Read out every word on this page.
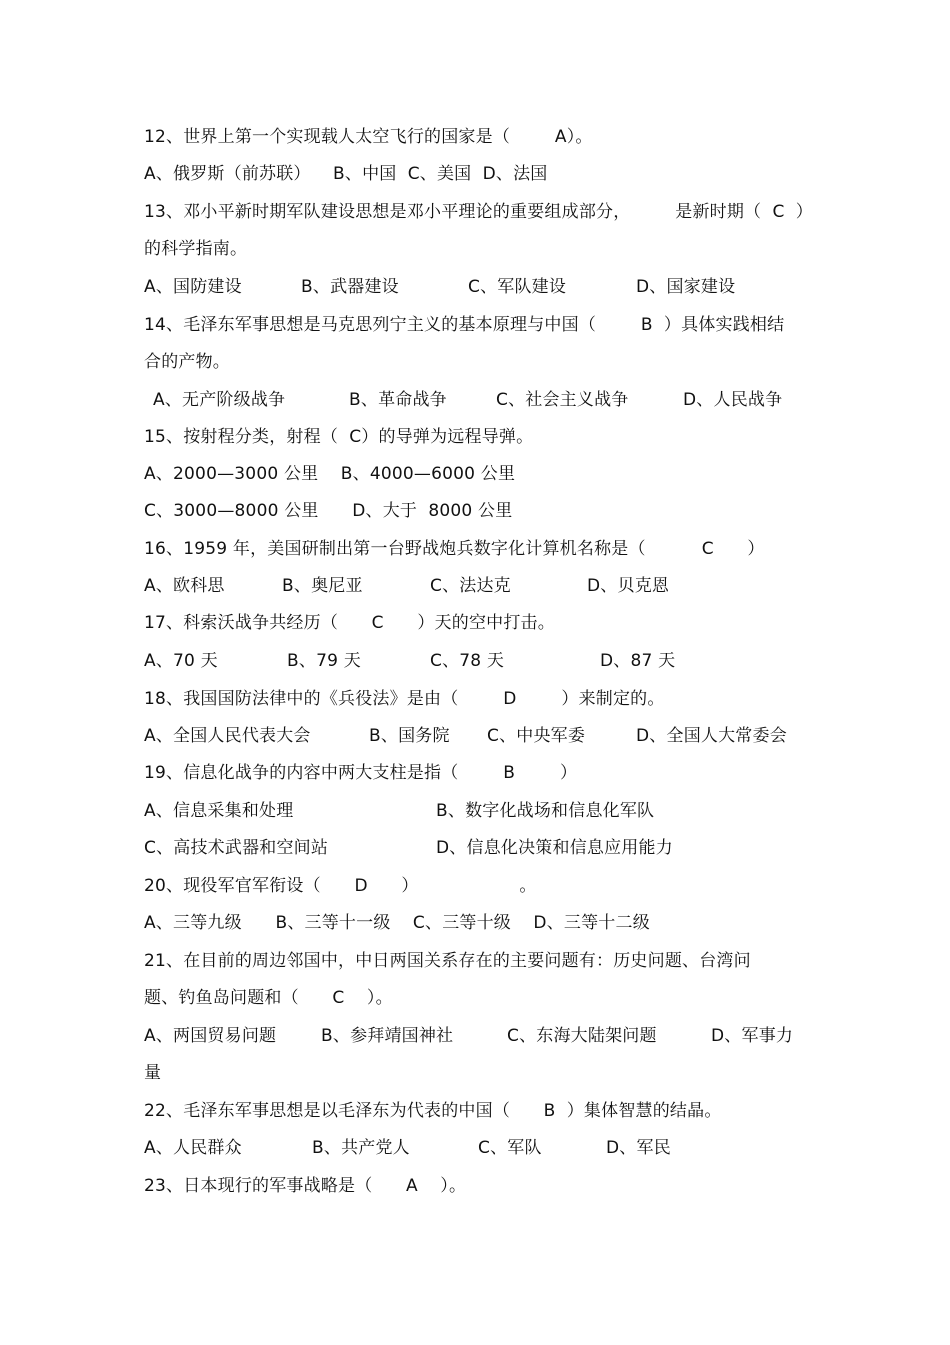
12、世界上第一个实现载人太空飞行的国家是（        A）。
A、俄罗斯（前苏联）    B、中国  C、美国  D、法国
13、邓小平新时期军队建设思想是邓小平理论的重要组成部分，        是新时期（  C  ）
的科学指南。
A、国防建设	B、武器建设	C、军队建设	D、国家建设
14、毛泽东军事思想是马克思列宁主义的基本原理与中国（        B  ）具体实践相结
合的产物。
A、无产阶级战争	B、革命战争	C、社会主义战争	D、人民战争
15、按射程分类，射程（  C）的导弹为远程导弹。
A、2000—3000 公里    B、4000—6000 公里
C、3000—8000 公里      D、大于  8000 公里
16、1959 年，美国研制出第一台野战炮兵数字化计算机名称是（          C      ）
A、欧科思	B、奥尼亚	C、法达克	D、贝克恩
17、科索沃战争共经历（      C      ）天的空中打击。
A、70 天	B、79 天	C、78 天	D、87 天
18、我国国防法律中的《兵役法》是由（        D        ）来制定的。
A、全国人民代表大会	B、国务院 C、中央军委	D、全国人大常委会
19、信息化战争的内容中两大支柱是指（        B        ）
A、信息采集和处理	B、数字化战场和信息化军队
C、高技术武器和空间站	D、信息化决策和信息应用能力
20、现役军官军衔设（      D      ）                  。
A、三等九级      B、三等十一级    C、三等十级    D、三等十二级
21、在目前的周边邻国中，中日两国关系存在的主要问题有：历史问题、台湾问
题、钓鱼岛问题和（      C    ）。
A、两国贸易问题	B、参拜靖国神社	C、东海大陆架问题	D、军事力
量
22、毛泽东军事思想是以毛泽东为代表的中国（      B  ）集体智慧的结晶。
A、人民群众	B、共产党人	C、军队	D、军民
23、日本现行的军事战略是（      A    ）。
